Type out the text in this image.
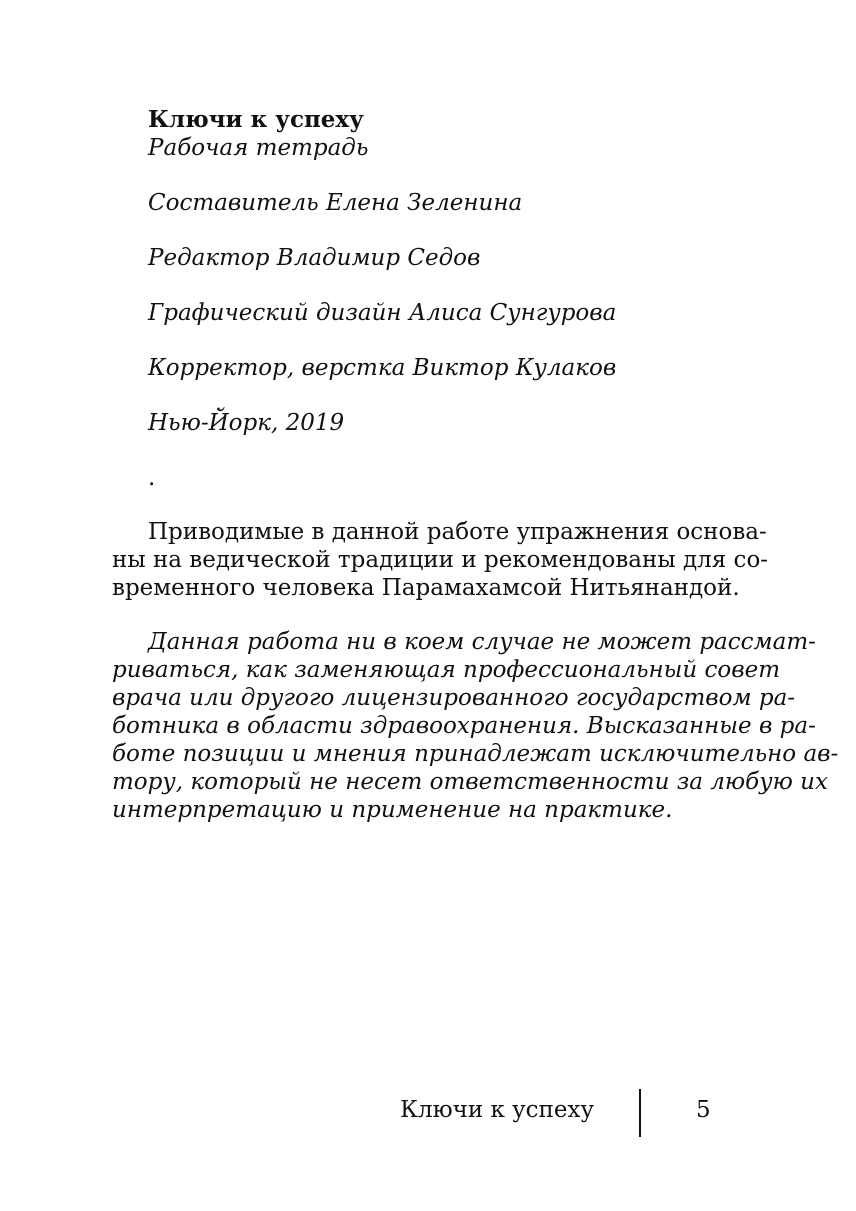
Ключи к успеху
Рабочая тетрадь
Составитель Елена Зеленина
Редактор Владимир Седов
Графический дизайн Алиса Сунгурова
Корректор, верстка Виктор Кулаков
Нью-Йорк, 2019
.
Приводимые в данной работе упражнения основа-
ны на ведической традиции и рекомендованы для со-
временного человека Парамахамсой Нитьянандой.
Данная работа ни в коем случае не может рассмат-
риваться, как заменяющая профессиональный совет
врача или другого лицензированного государством ра-
ботника в области здравоохранения. Высказанные в ра-
боте позиции и мнения принадлежат исключительно ав-
тору, который не несет ответственности за любую их
интерпретацию и применение на практике.
Ключи к успеху	5
